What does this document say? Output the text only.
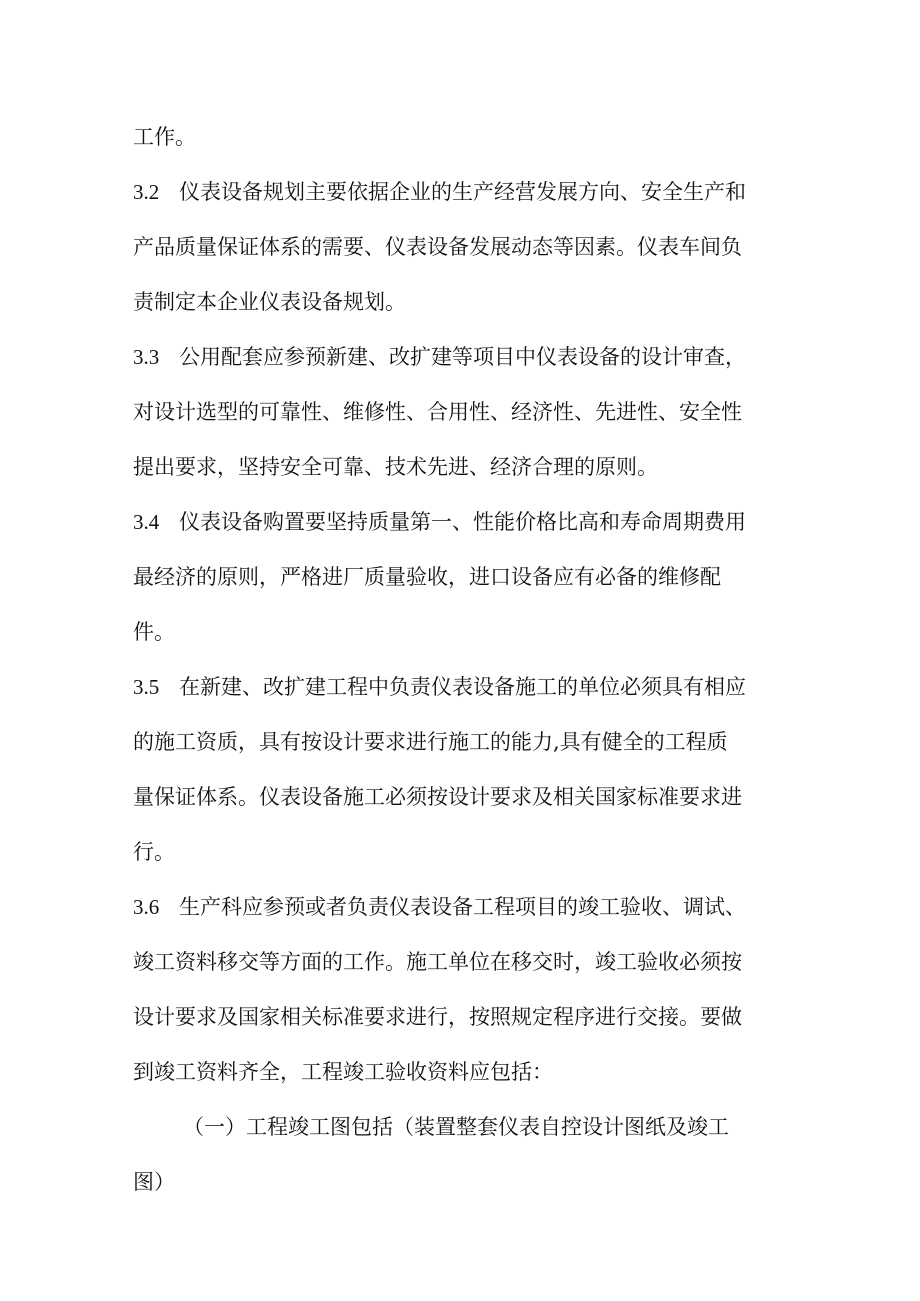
工作。
3.2 仪表设备规划主要依据企业的生产经营发展方向、安全生产和
产品质量保证体系的需要、仪表设备发展动态等因素。仪表车间负
责制定本企业仪表设备规划。
3.3 公用配套应参预新建、改扩建等项目中仪表设备的设计审查，
对设计选型的可靠性、维修性、合用性、经济性、先进性、安全性
提出要求，坚持安全可靠、技术先进、经济合理的原则。
3.4 仪表设备购置要坚持质量第一、性能价格比高和寿命周期费用
最经济的原则，严格进厂质量验收，进口设备应有必备的维修配
件。
3.5 在新建、改扩建工程中负责仪表设备施工的单位必须具有相应
的施工资质，具有按设计要求进行施工的能力,具有健全的工程质
量保证体系。仪表设备施工必须按设计要求及相关国家标准要求进
行。
3.6 生产科应参预或者负责仪表设备工程项目的竣工验收、调试、
竣工资料移交等方面的工作。施工单位在移交时，竣工验收必须按
设计要求及国家相关标准要求进行，按照规定程序进行交接。要做
到竣工资料齐全，工程竣工验收资料应包括：
（一）工程竣工图包括（装置整套仪表自控设计图纸及竣工
图）
